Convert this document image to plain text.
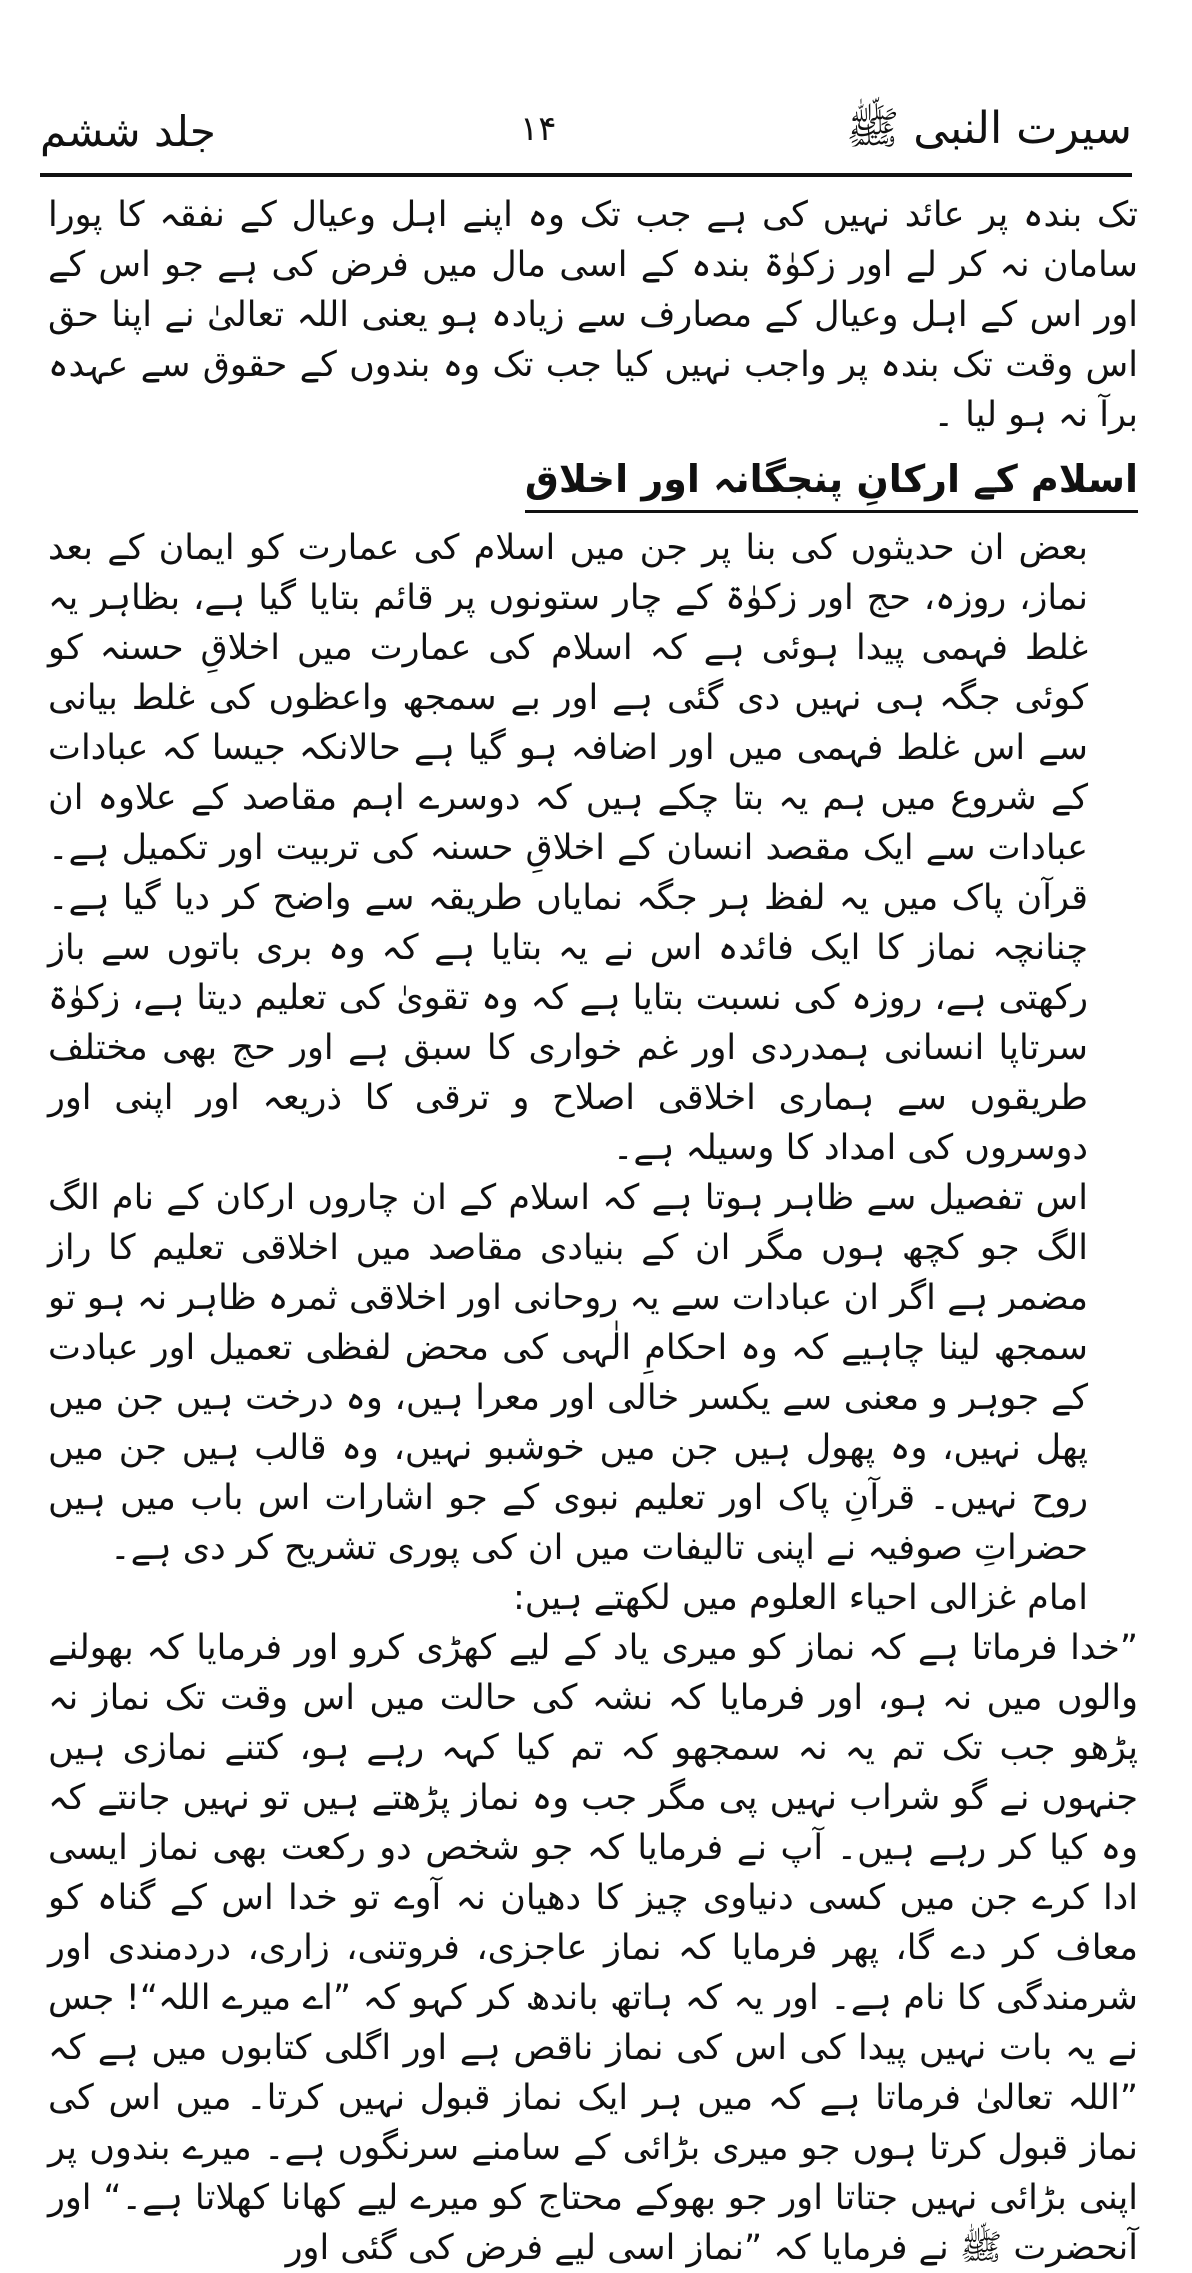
جلد ششم	۱۴	سیرت النبی ﷺ

تک بندہ پر عائد نہیں کی ہے جب تک وہ اپنے اہل وعیال کے نفقہ کا پورا سامان نہ کر لے اور زکوٰۃ بندہ کے اسی مال میں فرض کی ہے جو اس کے اور اس کے اہل وعیال کے مصارف سے زیادہ ہو یعنی اللہ تعالیٰ نے اپنا حق اس وقت تک بندہ پر واجب نہیں کیا جب تک وہ بندوں کے حقوق سے عہدہ برآ نہ ہو لیا ۔

اسلام کے ارکانِ پنجگانہ اور اخلاق

بعض ان حدیثوں کی بنا پر جن میں اسلام کی عمارت کو ایمان کے بعد نماز، روزہ، حج اور زکوٰۃ کے چار ستونوں پر قائم بتایا گیا ہے، بظاہر یہ غلط فہمی پیدا ہوئی ہے کہ اسلام کی عمارت میں اخلاقِ حسنہ کو کوئی جگہ ہی نہیں دی گئی ہے اور بے سمجھ واعظوں کی غلط بیانی سے اس غلط فہمی میں اور اضافہ ہو گیا ہے حالانکہ جیسا کہ عبادات کے شروع میں ہم یہ بتا چکے ہیں کہ دوسرے اہم مقاصد کے علاوہ ان عبادات سے ایک مقصد انسان کے اخلاقِ حسنہ کی تربیت اور تکمیل ہے۔ قرآن پاک میں یہ لفظ ہر جگہ نمایاں طریقہ سے واضح کر دیا گیا ہے۔ چنانچہ نماز کا ایک فائدہ اس نے یہ بتایا ہے کہ وہ بری باتوں سے باز رکھتی ہے، روزہ کی نسبت بتایا ہے کہ وہ تقویٰ کی تعلیم دیتا ہے، زکوٰۃ سرتاپا انسانی ہمدردی اور غم خواری کا سبق ہے اور حج بھی مختلف طریقوں سے ہماری اخلاقی اصلاح و ترقی کا ذریعہ اور اپنی اور دوسروں کی امداد کا وسیلہ ہے۔

اس تفصیل سے ظاہر ہوتا ہے کہ اسلام کے ان چاروں ارکان کے نام الگ الگ جو کچھ ہوں مگر ان کے بنیادی مقاصد میں اخلاقی تعلیم کا راز مضمر ہے اگر ان عبادات سے یہ روحانی اور اخلاقی ثمرہ ظاہر نہ ہو تو سمجھ لینا چاہیے کہ وہ احکامِ الٰہی کی محض لفظی تعمیل اور عبادت کے جوہر و معنی سے یکسر خالی اور معرا ہیں، وہ درخت ہیں جن میں پھل نہیں، وہ پھول ہیں جن میں خوشبو نہیں، وہ قالب ہیں جن میں روح نہیں۔ قرآنِ پاک اور تعلیم نبوی کے جو اشارات اس باب میں ہیں حضراتِ صوفیہ نے اپنی تالیفات میں ان کی پوری تشریح کر دی ہے۔

امام غزالی احیاء العلوم میں لکھتے ہیں:

”خدا فرماتا ہے کہ نماز کو میری یاد کے لیے کھڑی کرو اور فرمایا کہ بھولنے والوں میں نہ ہو، اور فرمایا کہ نشہ کی حالت میں اس وقت تک نماز نہ پڑھو جب تک تم یہ نہ سمجھو کہ تم کیا کہہ رہے ہو، کتنے نمازی ہیں جنہوں نے گو شراب نہیں پی مگر جب وہ نماز پڑھتے ہیں تو نہیں جانتے کہ وہ کیا کر رہے ہیں۔ آپ نے فرمایا کہ جو شخص دو رکعت بھی نماز ایسی ادا کرے جن میں کسی دنیاوی چیز کا دھیان نہ آوے تو خدا اس کے گناہ کو معاف کر دے گا، پھر فرمایا کہ نماز عاجزی، فروتنی، زاری، دردمندی اور شرمندگی کا نام ہے۔ اور یہ کہ ہاتھ باندھ کر کہو کہ ”اے میرے اللہ“! جس نے یہ بات نہیں پیدا کی اس کی نماز ناقص ہے اور اگلی کتابوں میں ہے کہ ”اللہ تعالیٰ فرماتا ہے کہ میں ہر ایک نماز قبول نہیں کرتا۔ میں اس کی نماز قبول کرتا ہوں جو میری بڑائی کے سامنے سرنگوں ہے۔ میرے بندوں پر اپنی بڑائی نہیں جتاتا اور جو بھوکے محتاج کو میرے لیے کھانا کھلاتا ہے۔“ اور آنحضرت ﷺ نے فرمایا کہ ”نماز اسی لیے فرض کی گئی اور
